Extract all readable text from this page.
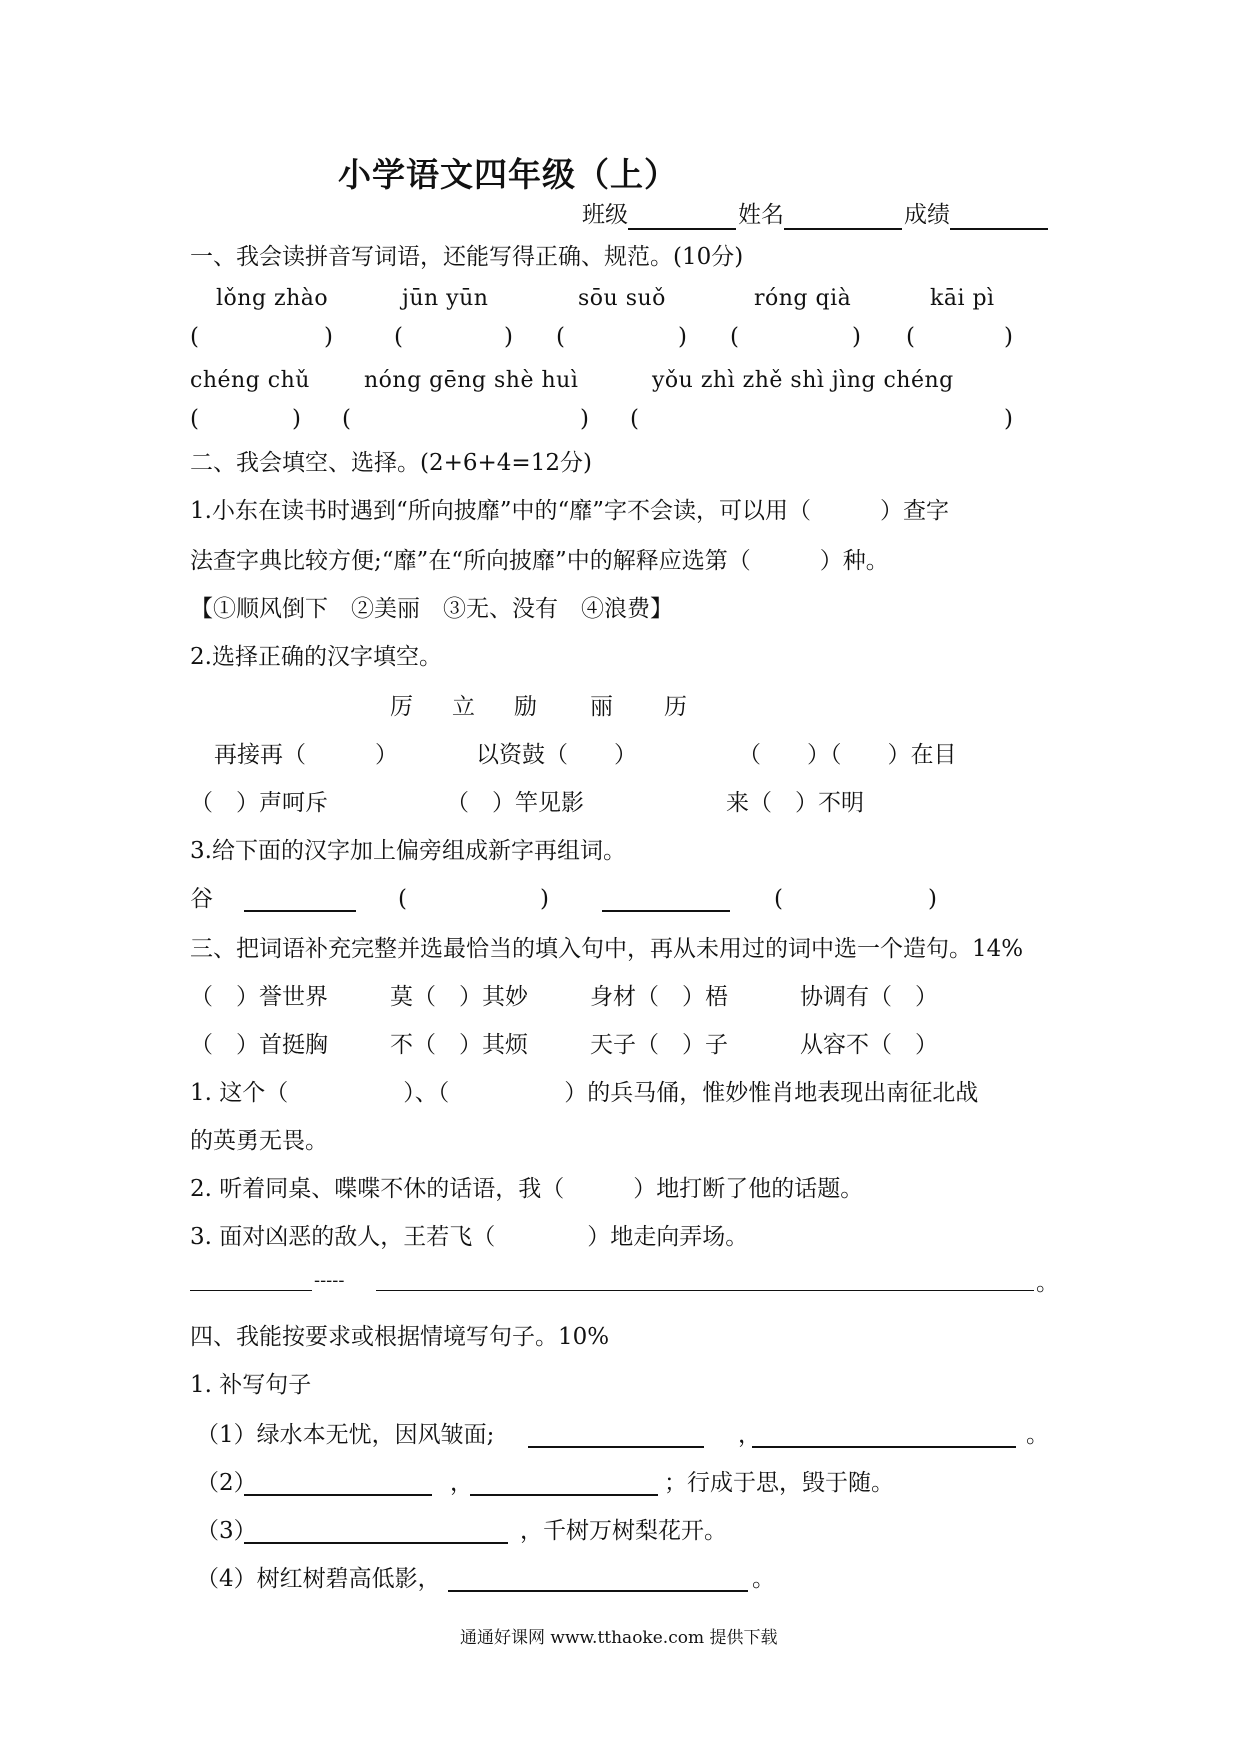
小学语文四年级（上）
班级	姓名	成绩
一、我会读拼音写词语，还能写得正确、规范。(10分)
lǒng zhào	jūn yūn	sōu suǒ	róng qià	kāi pì
(	)	(	) (	) (	) (	)
chéng chǔ nóng gēng shè huì	yǒu zhì zhě shì jìng chéng
(	) (	) (	)
二、我会填空、选择。(2+6+4=12分)
1.小东在读书时遇到“所向披靡”中的“靡”字不会读，可以用（　　　）查字
法查字典比较方便;“靡”在“所向披靡”中的解释应选第（　　　）种。
【①顺风倒下　②美丽　③无、没有　④浪费】
2.选择正确的汉字填空。
厉 立 励 丽 历
再接再（　　　）	以资鼓（　　）	（　　）（　　）在目
（　）声呵斥	（　）竿见影	来（　）不明
3.给下面的汉字加上偏旁组成新字再组词。
谷	(	)	(	)
三、把词语补充完整并选最恰当的填入句中，再从未用过的词中选一个造句。14%
（　）誉世界	莫（　）其妙	身材（　）梧	协调有（　）
（　）首挺胸	不（　）其烦	天子（　）子	从容不（　）
1. 这个（　　　　　）、（　　　　　）的兵马俑，惟妙惟肖地表现出南征北战
的英勇无畏。
2. 听着同桌、喋喋不休的话语，我（　　　）地打断了他的话题。
3. 面对凶恶的敌人，王若飞（　　　　）地走向弄场。
-----	。
四、我能按要求或根据情境写句子。10%
1. 补写句子
（1）绿水本无忧，因风皱面;	，	。
（2）	，	；行成于思，毁于随。
（3）	，千树万树梨花开。
（4）树红树碧高低影，	。
通通好课网 www.tthaoke.com 提供下载
